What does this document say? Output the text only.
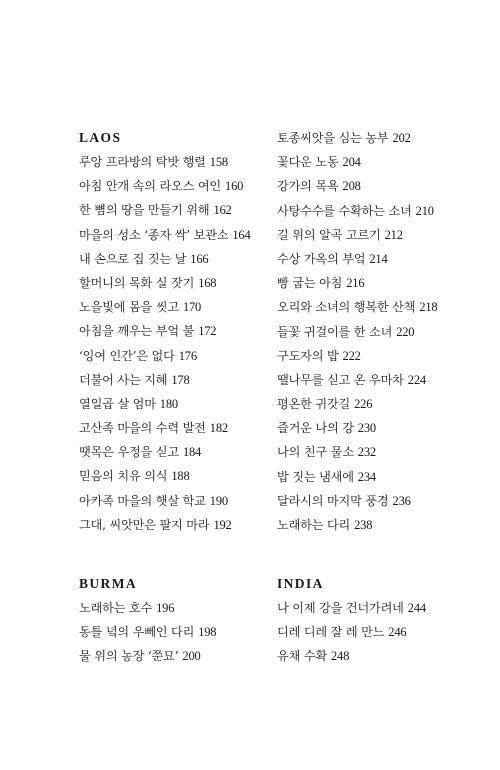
LAOS
루앙 프라방의 탁밧 행렬 158
아침 안개 속의 라오스 여인 160
한 뼘의 땅을 만들기 위해 162
마을의 성소 ‘종자 싹’ 보관소 164
내 손으로 집 짓는 날 166
할머니의 목화 실 잣기 168
노을빛에 몸을 씻고 170
아침을 깨우는 부엌 불 172
‘잉여 인간’은 없다 176
더불어 사는 지혜 178
열일곱 살 엄마 180
고산족 마을의 수력 발전 182
땟목은 우정을 싣고 184
믿음의 치유 의식 188
아카족 마을의 햇살 학교 190
그대, 씨앗만은 팔지 마라 192
토종씨앗을 심는 농부 202
꽃다운 노동 204
강가의 목욕 208
사탕수수를 수확하는 소녀 210
길 위의 알곡 고르기 212
수상 가옥의 부엌 214
빵 굽는 아침 216
오리와 소녀의 행복한 산책 218
들꽃 귀걸이를 한 소녀 220
구도자의 밥 222
땔나무를 싣고 온 우마차 224
평온한 귀갓길 226
즐거운 나의 강 230
나의 친구 물소 232
밥 짓는 냄새에 234
달라시의 마지막 풍경 236
노래하는 다리 238
BURMA
노래하는 호수 196
동틀 녘의 우뻬인 다리 198
물 위의 농장 ‘쭌묘’ 200
INDIA
나 이제 강을 건너가려네 244
디레 디레 잘 레 만느 246
유채 수확 248
